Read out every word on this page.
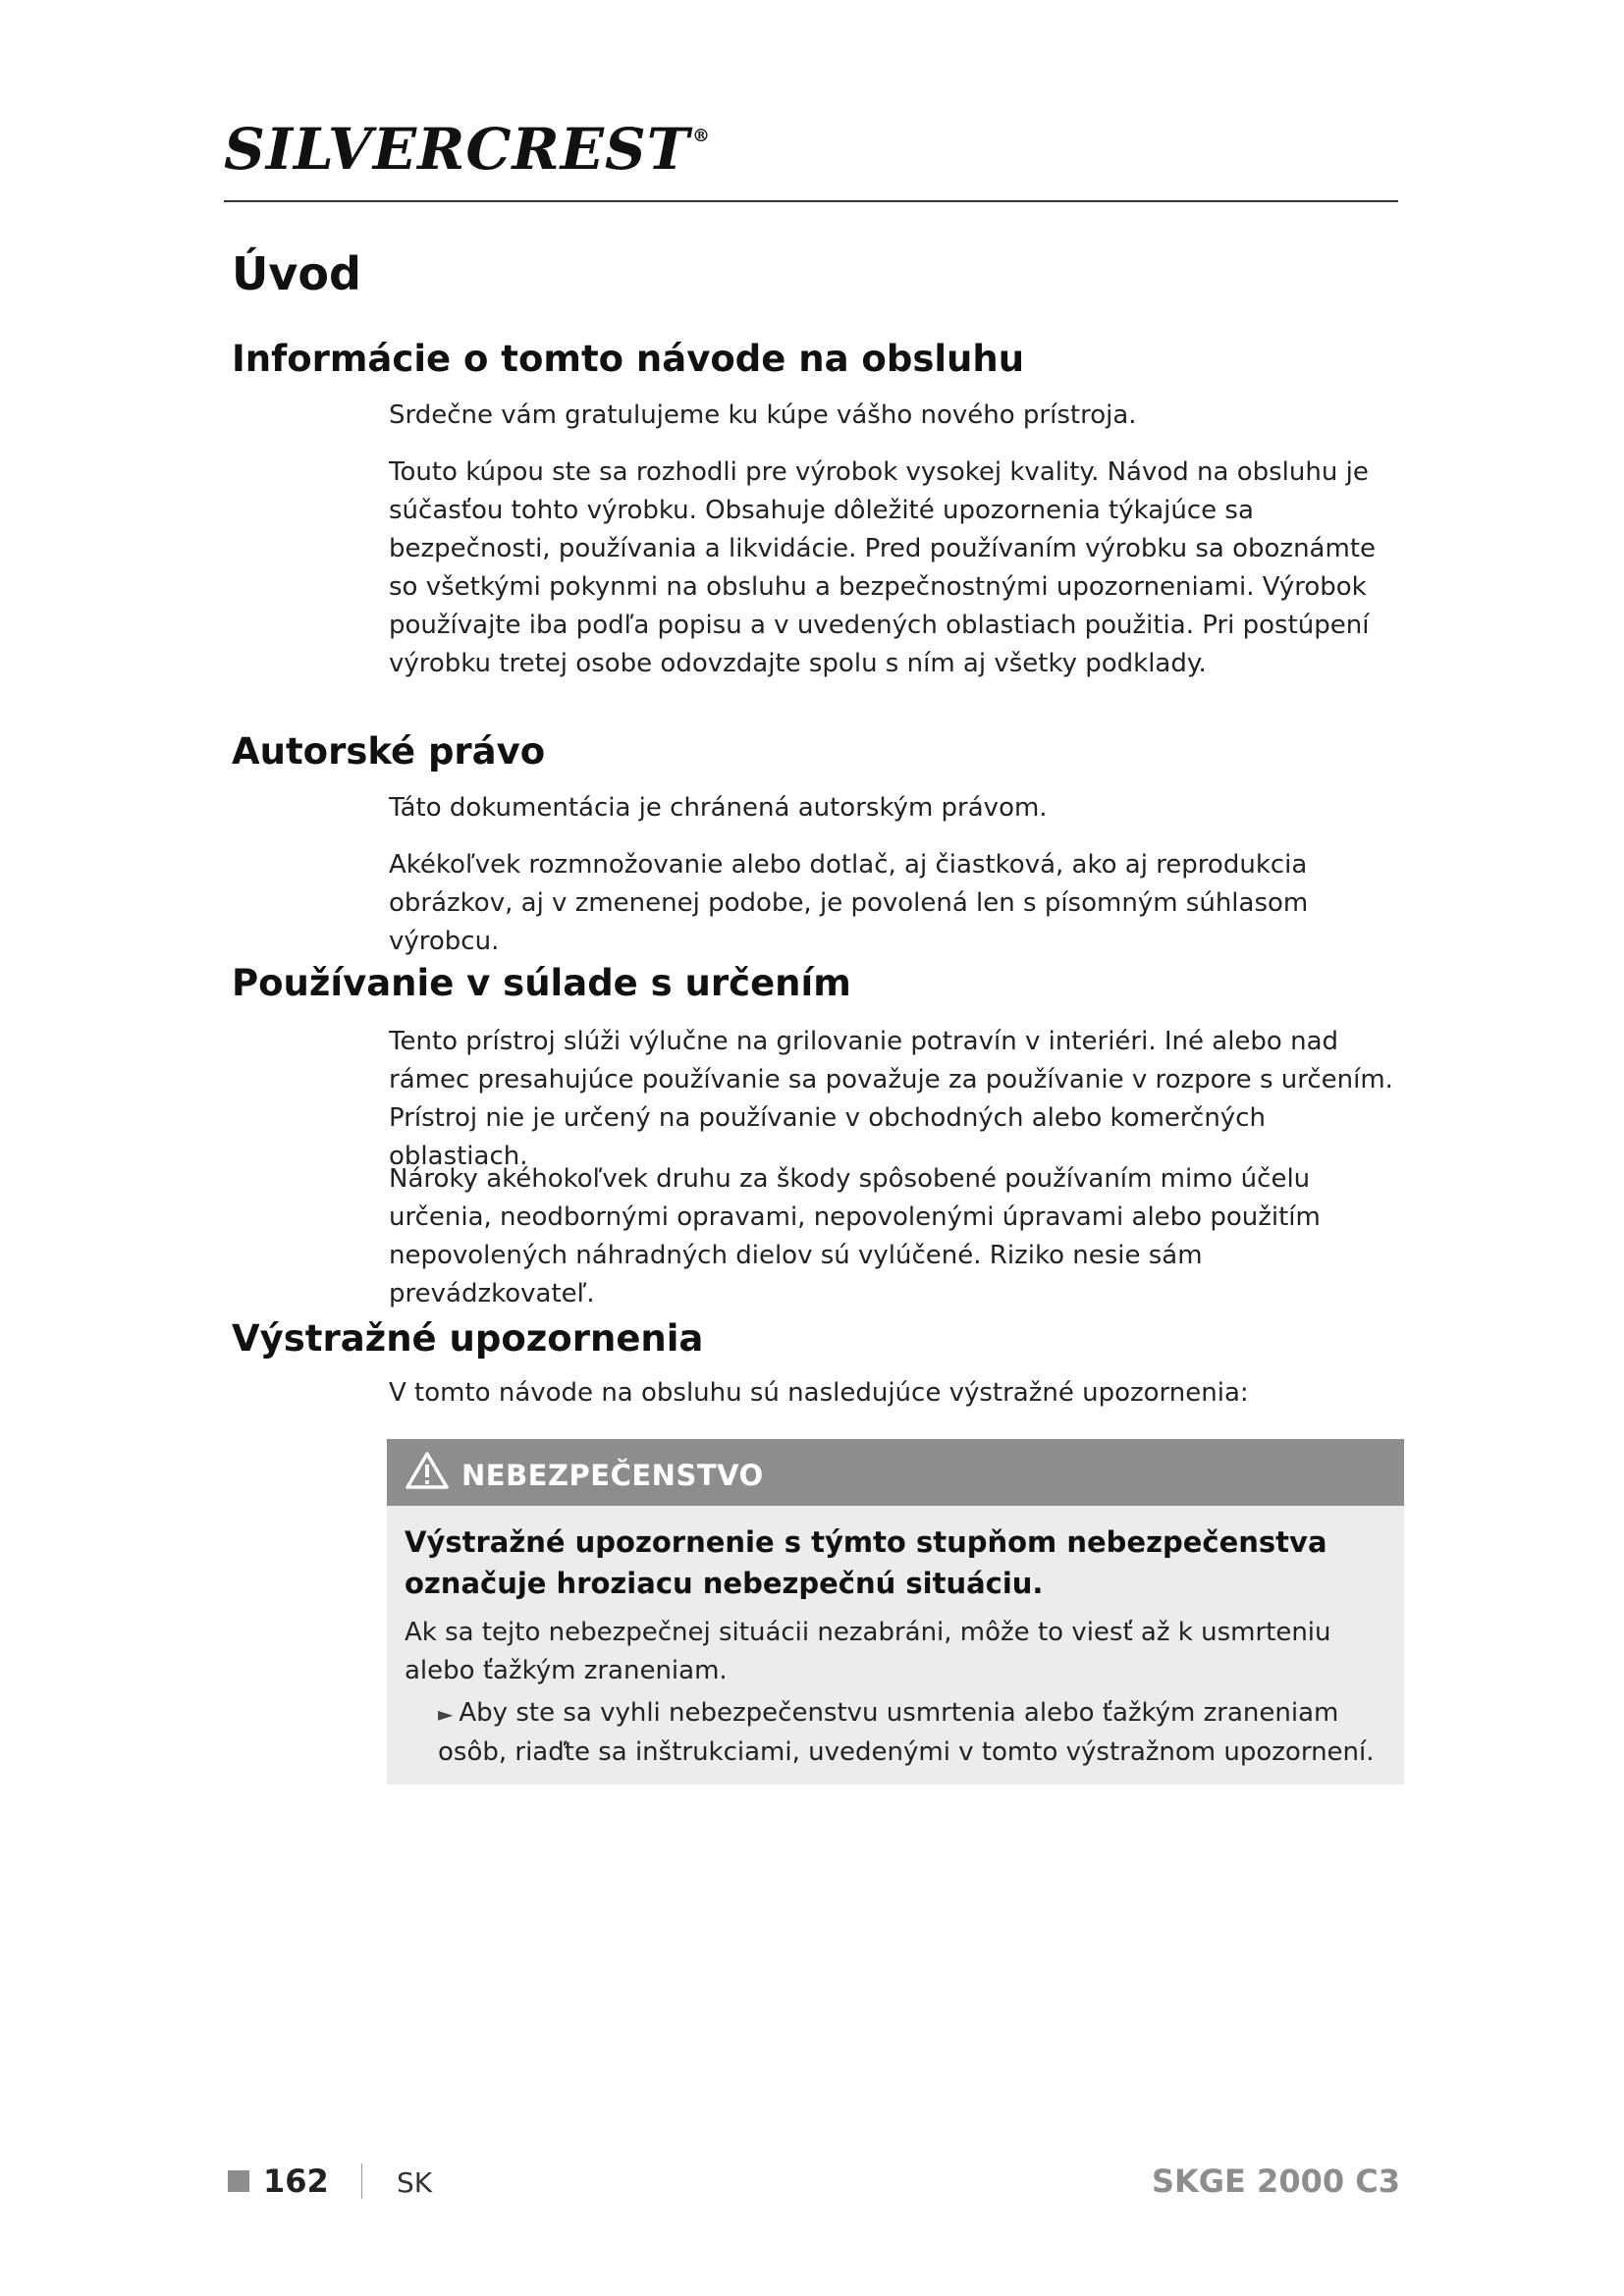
SILVERCREST ®
Úvod
Informácie o tomto návode na obsluhu

Srdečne vám gratulujeme ku kúpe vášho nového prístroja.

Touto kúpou ste sa rozhodli pre výrobok vysokej kvality. Návod na obsluhu je súčasťou tohto výrobku. Obsahuje dôležité upozornenia týkajúce sa bezpečnosti, používania a likvidácie. Pred používaním výrobku sa oboznámte so všetkými pokynmi na obsluhu a bezpečnostnými upozorneniami. Výrobok používajte iba podľa popisu a v uvedených oblastiach použitia. Pri postúpení výrobku tretej osobe odovzdajte spolu s ním aj všetky podklady.

Autorské právo

Táto dokumentácia je chránená autorským právom.

Akékoľvek rozmnožovanie alebo dotlač, aj čiastková, ako aj reprodukcia obrázkov, aj v zmenenej podobe, je povolená len s písomným súhlasom výrobcu.

Používanie v súlade s určením

Tento prístroj slúži výlučne na grilovanie potravín v interiéri. Iné alebo nad rámec presahujúce používanie sa považuje za používanie v rozpore s určením. Prístroj nie je určený na používanie v obchodných alebo komerčných oblastiach.

Nároky akéhokoľvek druhu za škody spôsobené používaním mimo účelu určenia, neodbornými opravami, nepovolenými úpravami alebo použitím nepovolených náhradných dielov sú vylúčené. Riziko nesie sám prevádzkovateľ.

Výstražné upozornenia

V tomto návode na obsluhu sú nasledujúce výstražné upozornenia:

NEBEZPEČENSTVO

Výstražné upozornenie s týmto stupňom nebezpečenstva označuje hroziacu nebezpečnú situáciu.

Ak sa tejto nebezpečnej situácii nezabráni, môže to viesť až k usmrteniu alebo ťažkým zraneniam.

► Aby ste sa vyhli nebezpečenstvu usmrtenia alebo ťažkým zraneniam osôb, riaďte sa inštrukciami, uvedenými v tomto výstražnom upozornení.

162 SK	SKGE 2000 C3
